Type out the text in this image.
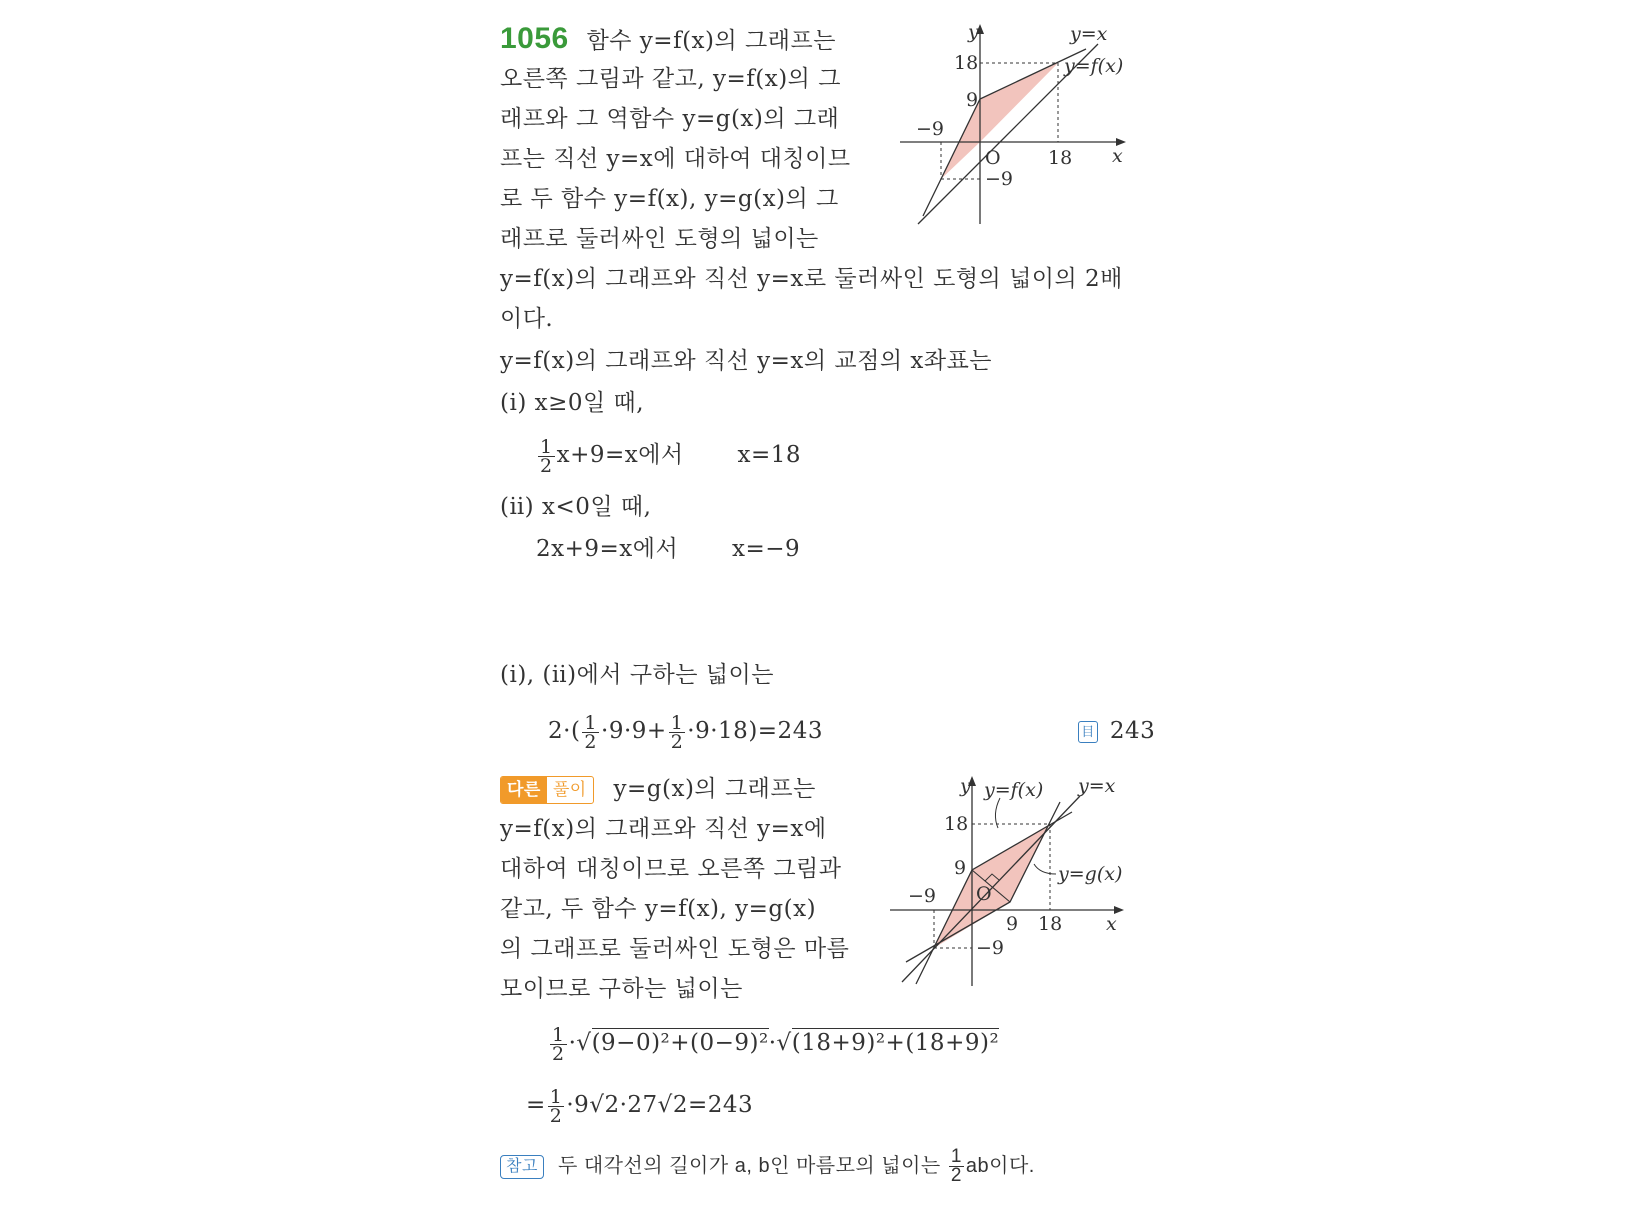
1056 함수 y=f(x)의 그래프는
오른쪽 그림과 같고, y=f(x)의 그
래프와 그 역함수 y=g(x)의 그래
프는 직선 y=x에 대하여 대칭이므
로 두 함수 y=f(x), y=g(x)의 그
래프로 둘러싸인 도형의 넓이는
y=f(x)의 그래프와 직선 y=x로 둘러싸인 도형의 넓이의 2배
이다.
y=f(x)의 그래프와 직선 y=x의 교점의 x좌표는
(ⅰ) x≥0일 때,
$\frac{1}{2} x+9=x$에서 x=18
(ⅱ) x<0일 때,
2x+9=x에서 x=−9
y
x
O
18
9
−9
18
−9
y=x
y=f(x)
(ⅰ), (ⅱ)에서 구하는 넓이는
$2\cdot( \frac{1}{2} \cdot 9\cdot 9+ \frac{1}{2} \cdot 9\cdot 18)=243$	目 243
다른 풀이 y=g(x)의 그래프는
y=f(x)의 그래프와 직선 y=x에
대하여 대칭이므로 오른쪽 그림과
같고, 두 함수 y=f(x), y=g(x)
의 그래프로 둘러싸인 도형은 마름
모이므로 구하는 넓이는
$\frac{1}{2} \cdot√(9-0)^2+(0-9)^2\cdot√(18+9)^2+(18+9)^2$
= $\frac{1}{2} \cdot 9√2\cdot 27√2=243$
참고 두 대각선의 길이가 a, b인 마름모의 넓이는 $\frac{1}{2}$ ab이다.
y
x
O
18
9
−9
9 18
−9
y=f(x) y=x
y=g(x)
